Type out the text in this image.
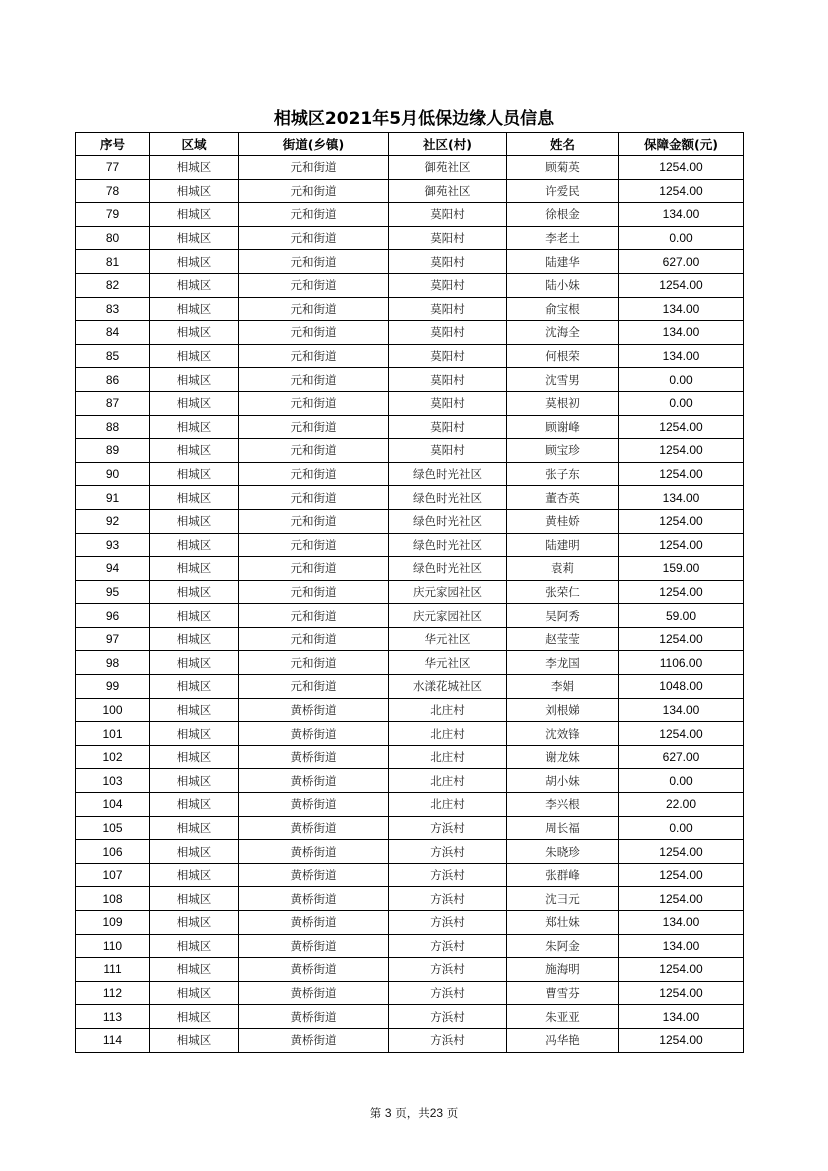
相城区2021年5月低保边缘人员信息
序号	区域	街道(乡镇)	社区(村)	姓名	保障金额(元)
77	相城区	元和街道	御苑社区	顾菊英	1254.00
78	相城区	元和街道	御苑社区	许爱民	1254.00
79	相城区	元和街道	莫阳村	徐根金	134.00
80	相城区	元和街道	莫阳村	李老土	0.00
81	相城区	元和街道	莫阳村	陆建华	627.00
82	相城区	元和街道	莫阳村	陆小妹	1254.00
83	相城区	元和街道	莫阳村	俞宝根	134.00
84	相城区	元和街道	莫阳村	沈海全	134.00
85	相城区	元和街道	莫阳村	何根荣	134.00
86	相城区	元和街道	莫阳村	沈雪男	0.00
87	相城区	元和街道	莫阳村	莫根初	0.00
88	相城区	元和街道	莫阳村	顾谢峰	1254.00
89	相城区	元和街道	莫阳村	顾宝珍	1254.00
90	相城区	元和街道	绿色时光社区	张子东	1254.00
91	相城区	元和街道	绿色时光社区	董杏英	134.00
92	相城区	元和街道	绿色时光社区	黄桂娇	1254.00
93	相城区	元和街道	绿色时光社区	陆建明	1254.00
94	相城区	元和街道	绿色时光社区	袁莉	159.00
95	相城区	元和街道	庆元家园社区	张荣仁	1254.00
96	相城区	元和街道	庆元家园社区	吴阿秀	59.00
97	相城区	元和街道	华元社区	赵莹莹	1254.00
98	相城区	元和街道	华元社区	李龙国	1106.00
99	相城区	元和街道	水漾花城社区	李娟	1048.00
100	相城区	黄桥街道	北庄村	刘根娣	134.00
101	相城区	黄桥街道	北庄村	沈效锋	1254.00
102	相城区	黄桥街道	北庄村	谢龙妹	627.00
103	相城区	黄桥街道	北庄村	胡小妹	0.00
104	相城区	黄桥街道	北庄村	李兴根	22.00
105	相城区	黄桥街道	方浜村	周长福	0.00
106	相城区	黄桥街道	方浜村	朱晓珍	1254.00
107	相城区	黄桥街道	方浜村	张群峰	1254.00
108	相城区	黄桥街道	方浜村	沈彐元	1254.00
109	相城区	黄桥街道	方浜村	郑壮妹	134.00
110	相城区	黄桥街道	方浜村	朱阿金	134.00
111	相城区	黄桥街道	方浜村	施海明	1254.00
112	相城区	黄桥街道	方浜村	曹雪芬	1254.00
113	相城区	黄桥街道	方浜村	朱亚亚	134.00
114	相城区	黄桥街道	方浜村	冯华艳	1254.00
第 3 页，共23 页
